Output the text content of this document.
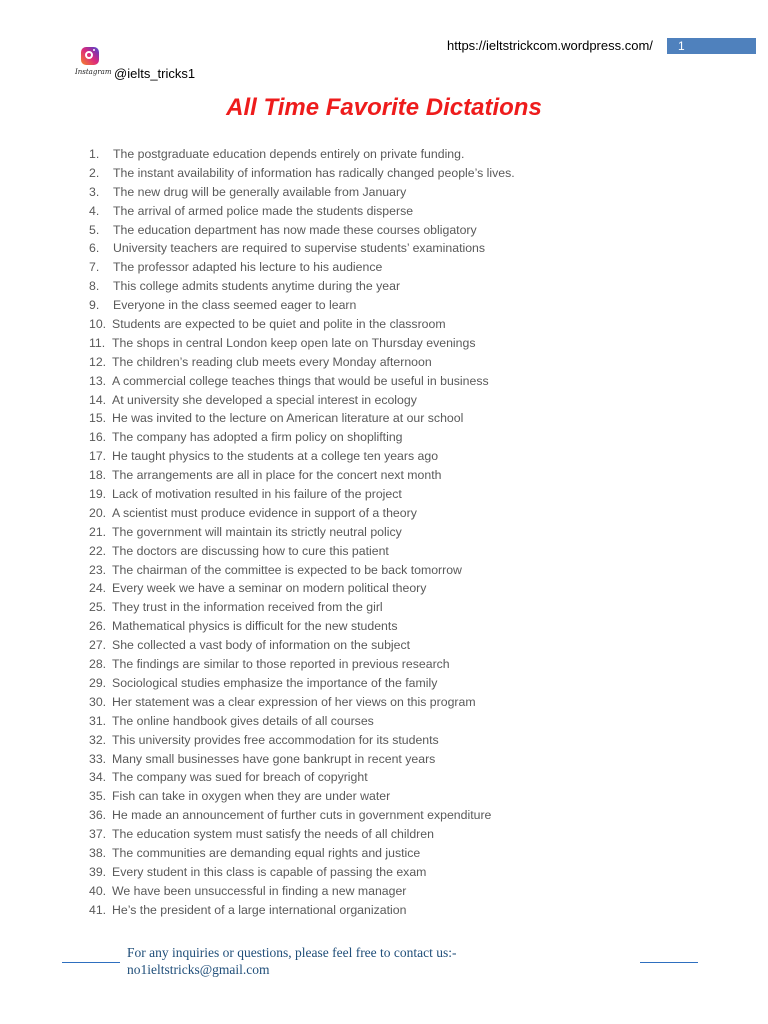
https://ieltstrickcom.wordpress.com/	1
Instagram @ielts_tricks1
All Time Favorite Dictations
1. The postgraduate education depends entirely on private funding.
2. The instant availability of information has radically changed people’s lives.
3. The new drug will be generally available from January
4. The arrival of armed police made the students disperse
5. The education department has now made these courses obligatory
6. University teachers are required to supervise students’ examinations
7. The professor adapted his lecture to his audience
8. This college admits students anytime during the year
9. Everyone in the class seemed eager to learn
10. Students are expected to be quiet and polite in the classroom
11. The shops in central London keep open late on Thursday evenings
12. The children’s reading club meets every Monday afternoon
13. A commercial college teaches things that would be useful in business
14. At university she developed a special interest in ecology
15. He was invited to the lecture on American literature at our school
16. The company has adopted a firm policy on shoplifting
17. He taught physics to the students at a college ten years ago
18. The arrangements are all in place for the concert next month
19. Lack of motivation resulted in his failure of the project
20. A scientist must produce evidence in support of a theory
21. The government will maintain its strictly neutral policy
22. The doctors are discussing how to cure this patient
23. The chairman of the committee is expected to be back tomorrow
24. Every week we have a seminar on modern political theory
25. They trust in the information received from the girl
26. Mathematical physics is difficult for the new students
27. She collected a vast body of information on the subject
28. The findings are similar to those reported in previous research
29. Sociological studies emphasize the importance of the family
30. Her statement was a clear expression of her views on this program
31. The online handbook gives details of all courses
32. This university provides free accommodation for its students
33. Many small businesses have gone bankrupt in recent years
34. The company was sued for breach of copyright
35. Fish can take in oxygen when they are under water
36. He made an announcement of further cuts in government expenditure
37. The education system must satisfy the needs of all children
38. The communities are demanding equal rights and justice
39. Every student in this class is capable of passing the exam
40. We have been unsuccessful in finding a new manager
41. He’s the president of a large international organization
For any inquiries or questions, please feel free to contact us:-
no1ieltstricks@gmail.com
